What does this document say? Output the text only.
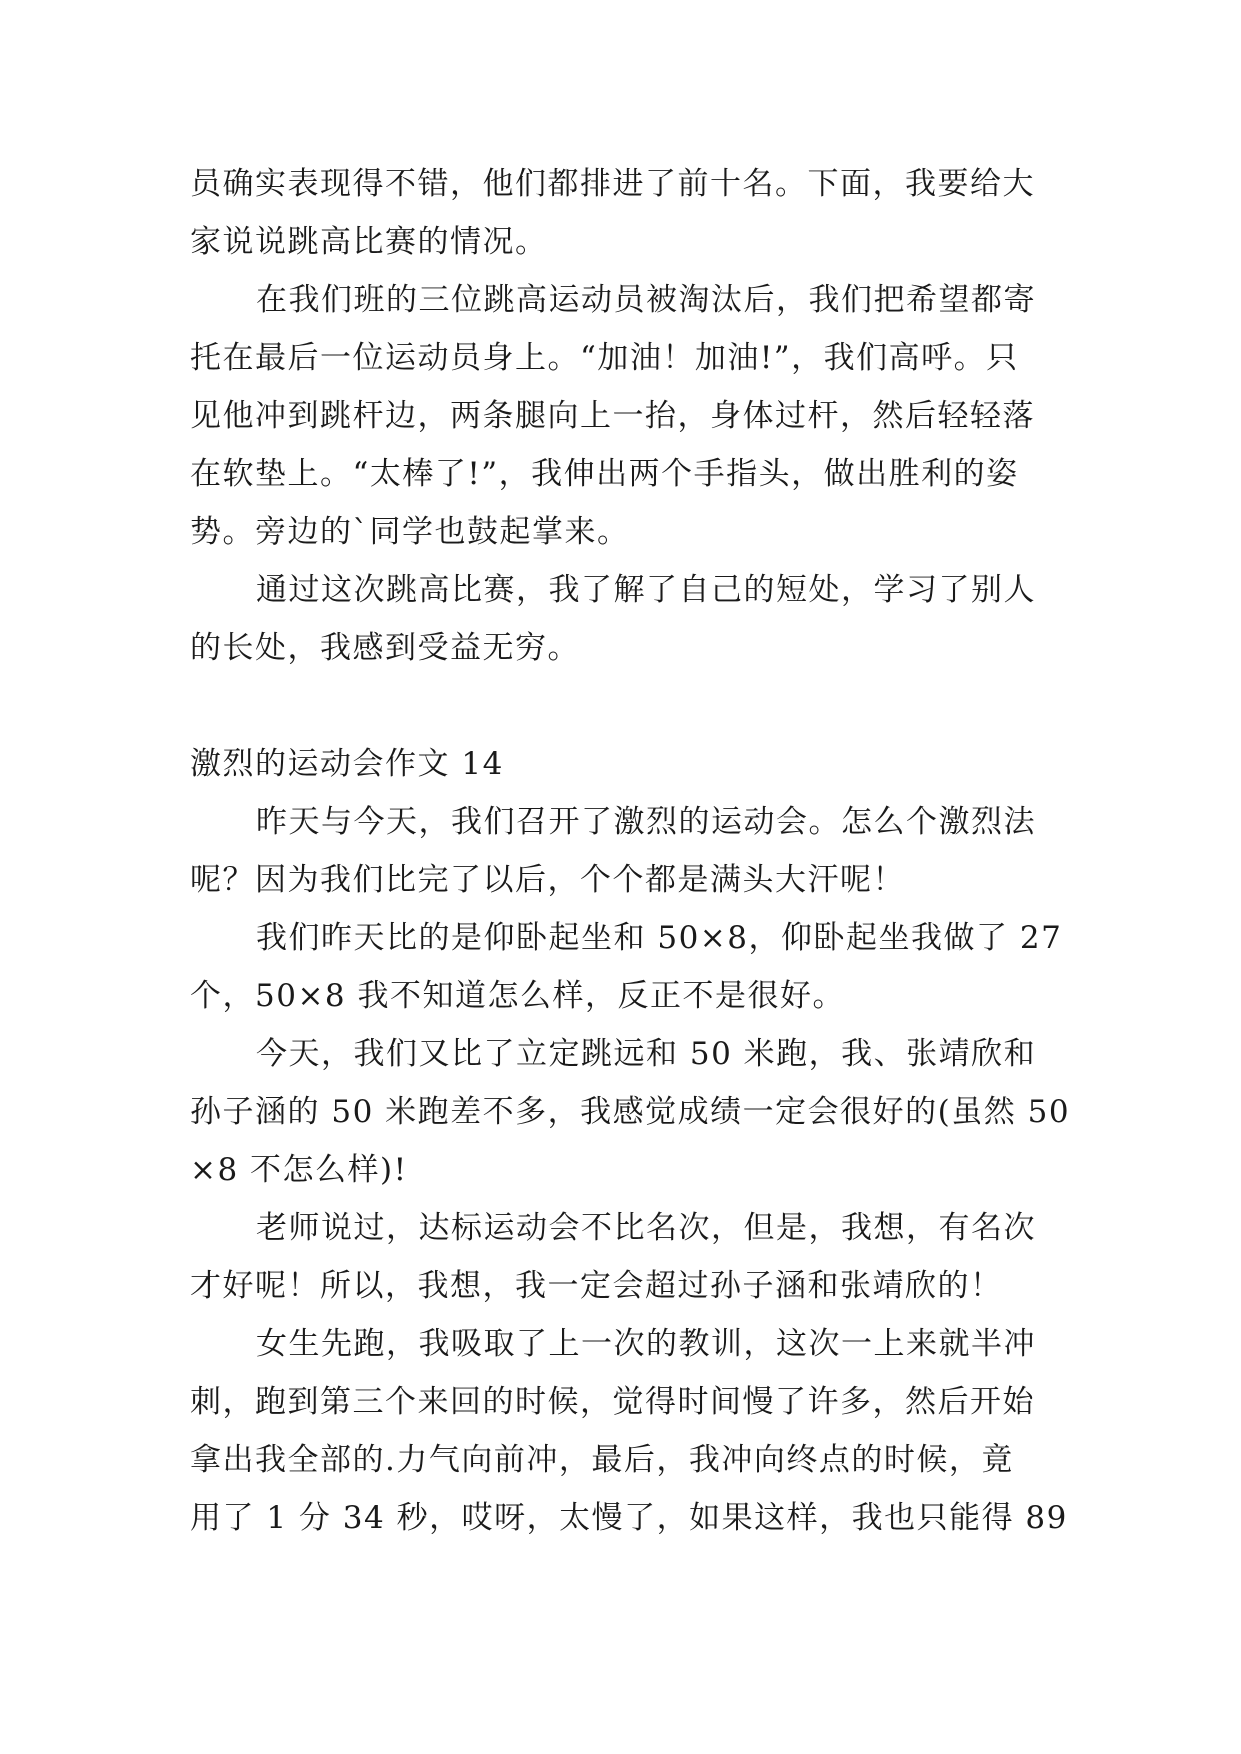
员确实表现得不错，他们都排进了前十名。下面，我要给大
家说说跳高比赛的情况。
在我们班的三位跳高运动员被淘汰后，我们把希望都寄
托在最后一位运动员身上。“加油！加油!”，我们高呼。只
见他冲到跳杆边，两条腿向上一抬，身体过杆，然后轻轻落
在软垫上。“太棒了!”，我伸出两个手指头，做出胜利的姿
势。旁边的`同学也鼓起掌来。
通过这次跳高比赛，我了解了自己的短处，学习了别人
的长处，我感到受益无穷。
激烈的运动会作文 14
昨天与今天，我们召开了激烈的运动会。怎么个激烈法
呢？因为我们比完了以后，个个都是满头大汗呢！
我们昨天比的是仰卧起坐和 50×8，仰卧起坐我做了 27
个，50×8 我不知道怎么样，反正不是很好。
今天，我们又比了立定跳远和 50 米跑，我、张靖欣和
孙子涵的 50 米跑差不多，我感觉成绩一定会很好的(虽然 50
×8 不怎么样)!
老师说过，达标运动会不比名次，但是，我想，有名次
才好呢！所以，我想，我一定会超过孙子涵和张靖欣的！
女生先跑，我吸取了上一次的教训，这次一上来就半冲
刺，跑到第三个来回的时候，觉得时间慢了许多，然后开始
拿出我全部的.力气向前冲，最后，我冲向终点的时候，竟
用了 1 分 34 秒，哎呀，太慢了，如果这样，我也只能得 89
